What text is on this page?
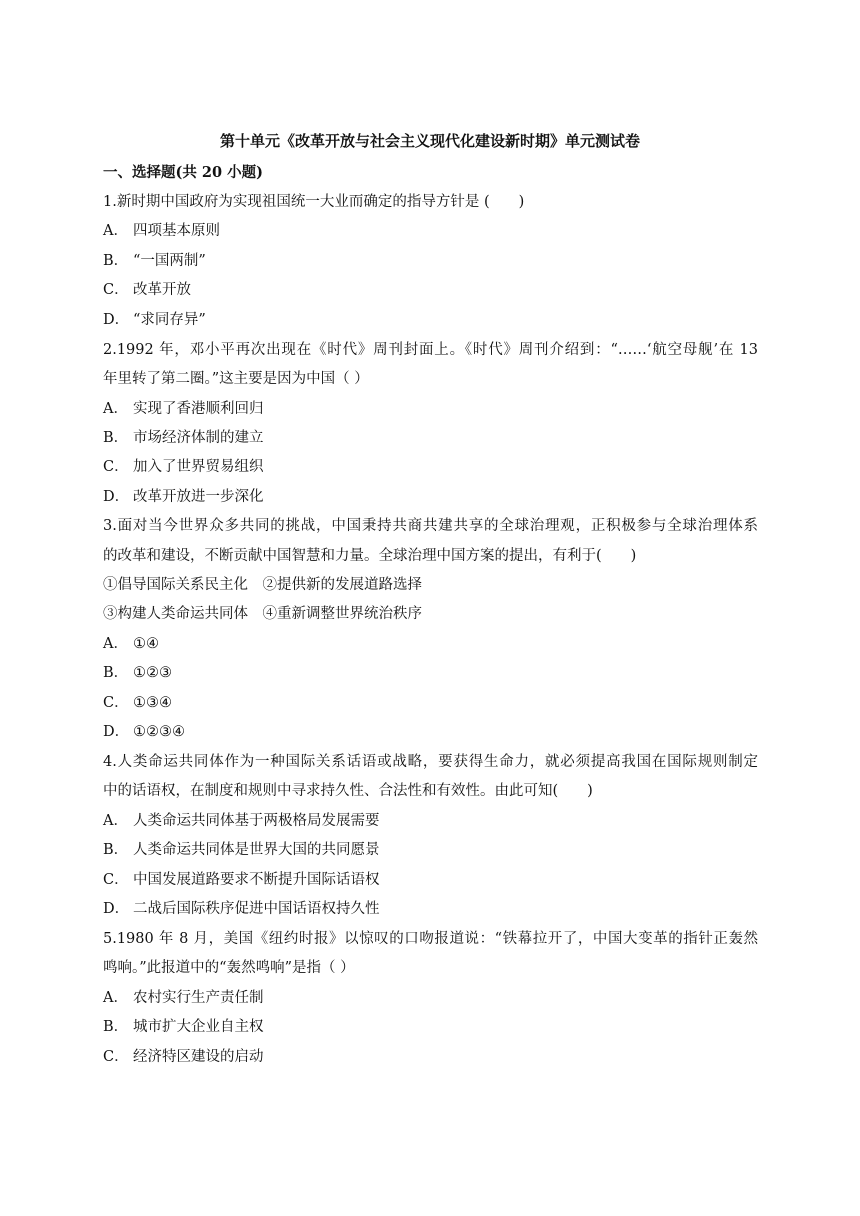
第十单元《改革开放与社会主义现代化建设新时期》单元测试卷
一、选择题(共 20 小题)
1.新时期中国政府为实现祖国统一大业而确定的指导方针是 (　　)
A． 四项基本原则
B． “一国两制”
C． 改革开放
D． “求同存异”
2.1992 年，邓小平再次出现在《时代》周刊封面上。《时代》周刊介绍到：“……‘航空母舰’在 13
年里转了第二圈。”这主要是因为中国（ ）
A． 实现了香港顺利回归
B． 市场经济体制的建立
C． 加入了世界贸易组织
D． 改革开放进一步深化
3.面对当今世界众多共同的挑战，中国秉持共商共建共享的全球治理观，正积极参与全球治理体系
的改革和建设，不断贡献中国智慧和力量。全球治理中国方案的提出，有利于(　　)
①倡导国际关系民主化　②提供新的发展道路选择
③构建人类命运共同体　④重新调整世界统治秩序
A． ①④
B． ①②③
C． ①③④
D． ①②③④
4.人类命运共同体作为一种国际关系话语或战略，要获得生命力，就必须提高我国在国际规则制定
中的话语权，在制度和规则中寻求持久性、合法性和有效性。由此可知(　　)
A． 人类命运共同体基于两极格局发展需要
B． 人类命运共同体是世界大国的共同愿景
C． 中国发展道路要求不断提升国际话语权
D． 二战后国际秩序促进中国话语权持久性
5.1980 年 8 月，美国《纽约时报》以惊叹的口吻报道说：“铁幕拉开了，中国大变革的指针正轰然
鸣响。”此报道中的“轰然鸣响”是指（ ）
A． 农村实行生产责任制
B． 城市扩大企业自主权
C． 经济特区建设的启动
